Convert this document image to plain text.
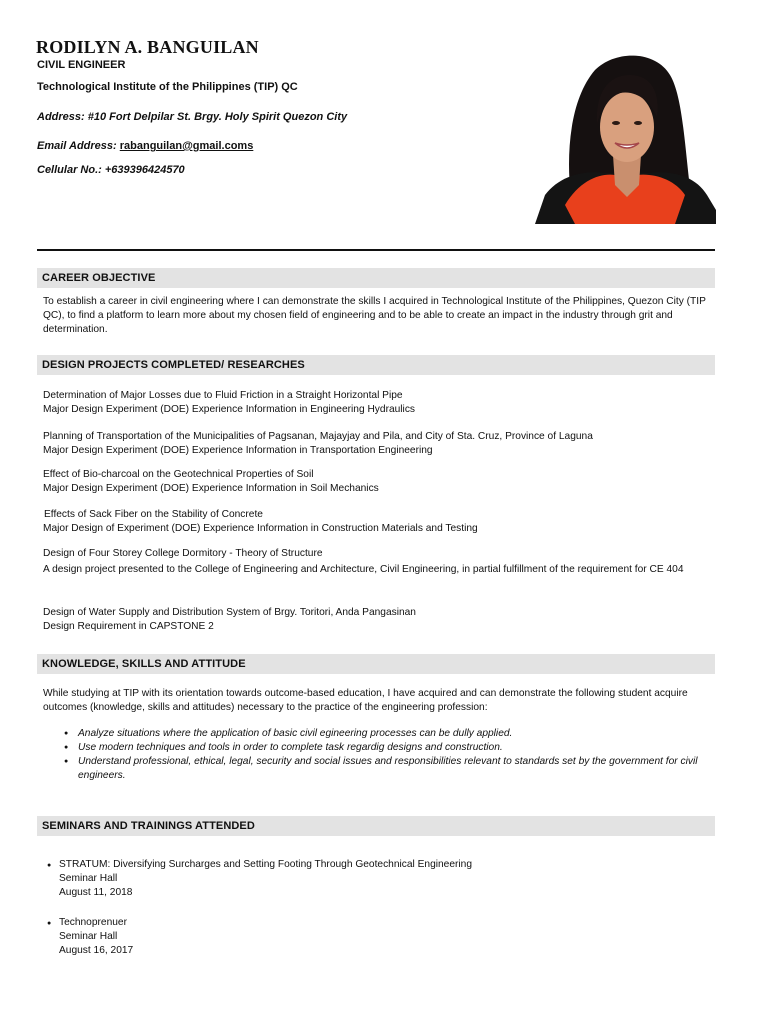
RODILYN A. BANGUILAN
CIVIL ENGINEER
Technological Institute of the Philippines (TIP) QC
Address: #10 Fort Delpilar St. Brgy. Holy Spirit Quezon City
Email Address: rabanguilan@gmail.coms
Cellular No.: +639396424570
CAREER OBJECTIVE
To establish a career in civil engineering where I can demonstrate the skills I acquired in Technological Institute of the Philippines, Quezon City (TIP QC), to find a platform to learn more about my chosen field of engineering and to be able to create an impact in the industry through grit and determination.
DESIGN PROJECTS COMPLETED/ RESEARCHES
Determination of Major Losses due to Fluid Friction in a Straight Horizontal Pipe
Major Design Experiment (DOE) Experience Information in Engineering Hydraulics
Planning of Transportation of the Municipalities of Pagsanan, Majayjay and Pila, and City of Sta. Cruz, Province of Laguna
Major Design Experiment (DOE) Experience Information in Transportation Engineering
Effect of Bio-charcoal on the Geotechnical Properties of Soil
Major Design Experiment (DOE) Experience Information in Soil Mechanics
Effects of Sack Fiber on the Stability of Concrete
Major Design of Experiment (DOE) Experience Information in Construction Materials and Testing
Design of Four Storey College Dormitory - Theory of Structure
A design project presented to the College of Engineering and Architecture, Civil Engineering, in partial fulfillment of the requirement for CE 404
Design of Water Supply and Distribution System of Brgy. Toritori, Anda Pangasinan
Design Requirement in CAPSTONE 2
KNOWLEDGE, SKILLS AND ATTITUDE
While studying at TIP with its orientation towards outcome-based education, I have acquired and can demonstrate the following student acquire outcomes (knowledge, skills and attitudes) necessary to the practice of the engineering profession:
● Analyze situations where the application of basic civil egineering processes can be dully applied.
● Use modern techniques and tools in order to complete task regardig designs and construction.
● Understand professional, ethical, legal, security and social issues and responsibilities relevant to standards set by the government for civil engineers.
SEMINARS AND TRAININGS ATTENDED
● STRATUM: Diversifying Surcharges and Setting Footing Through Geotechnical Engineering
Seminar Hall
August 11, 2018
● Technoprenuer
Seminar Hall
August 16, 2017
